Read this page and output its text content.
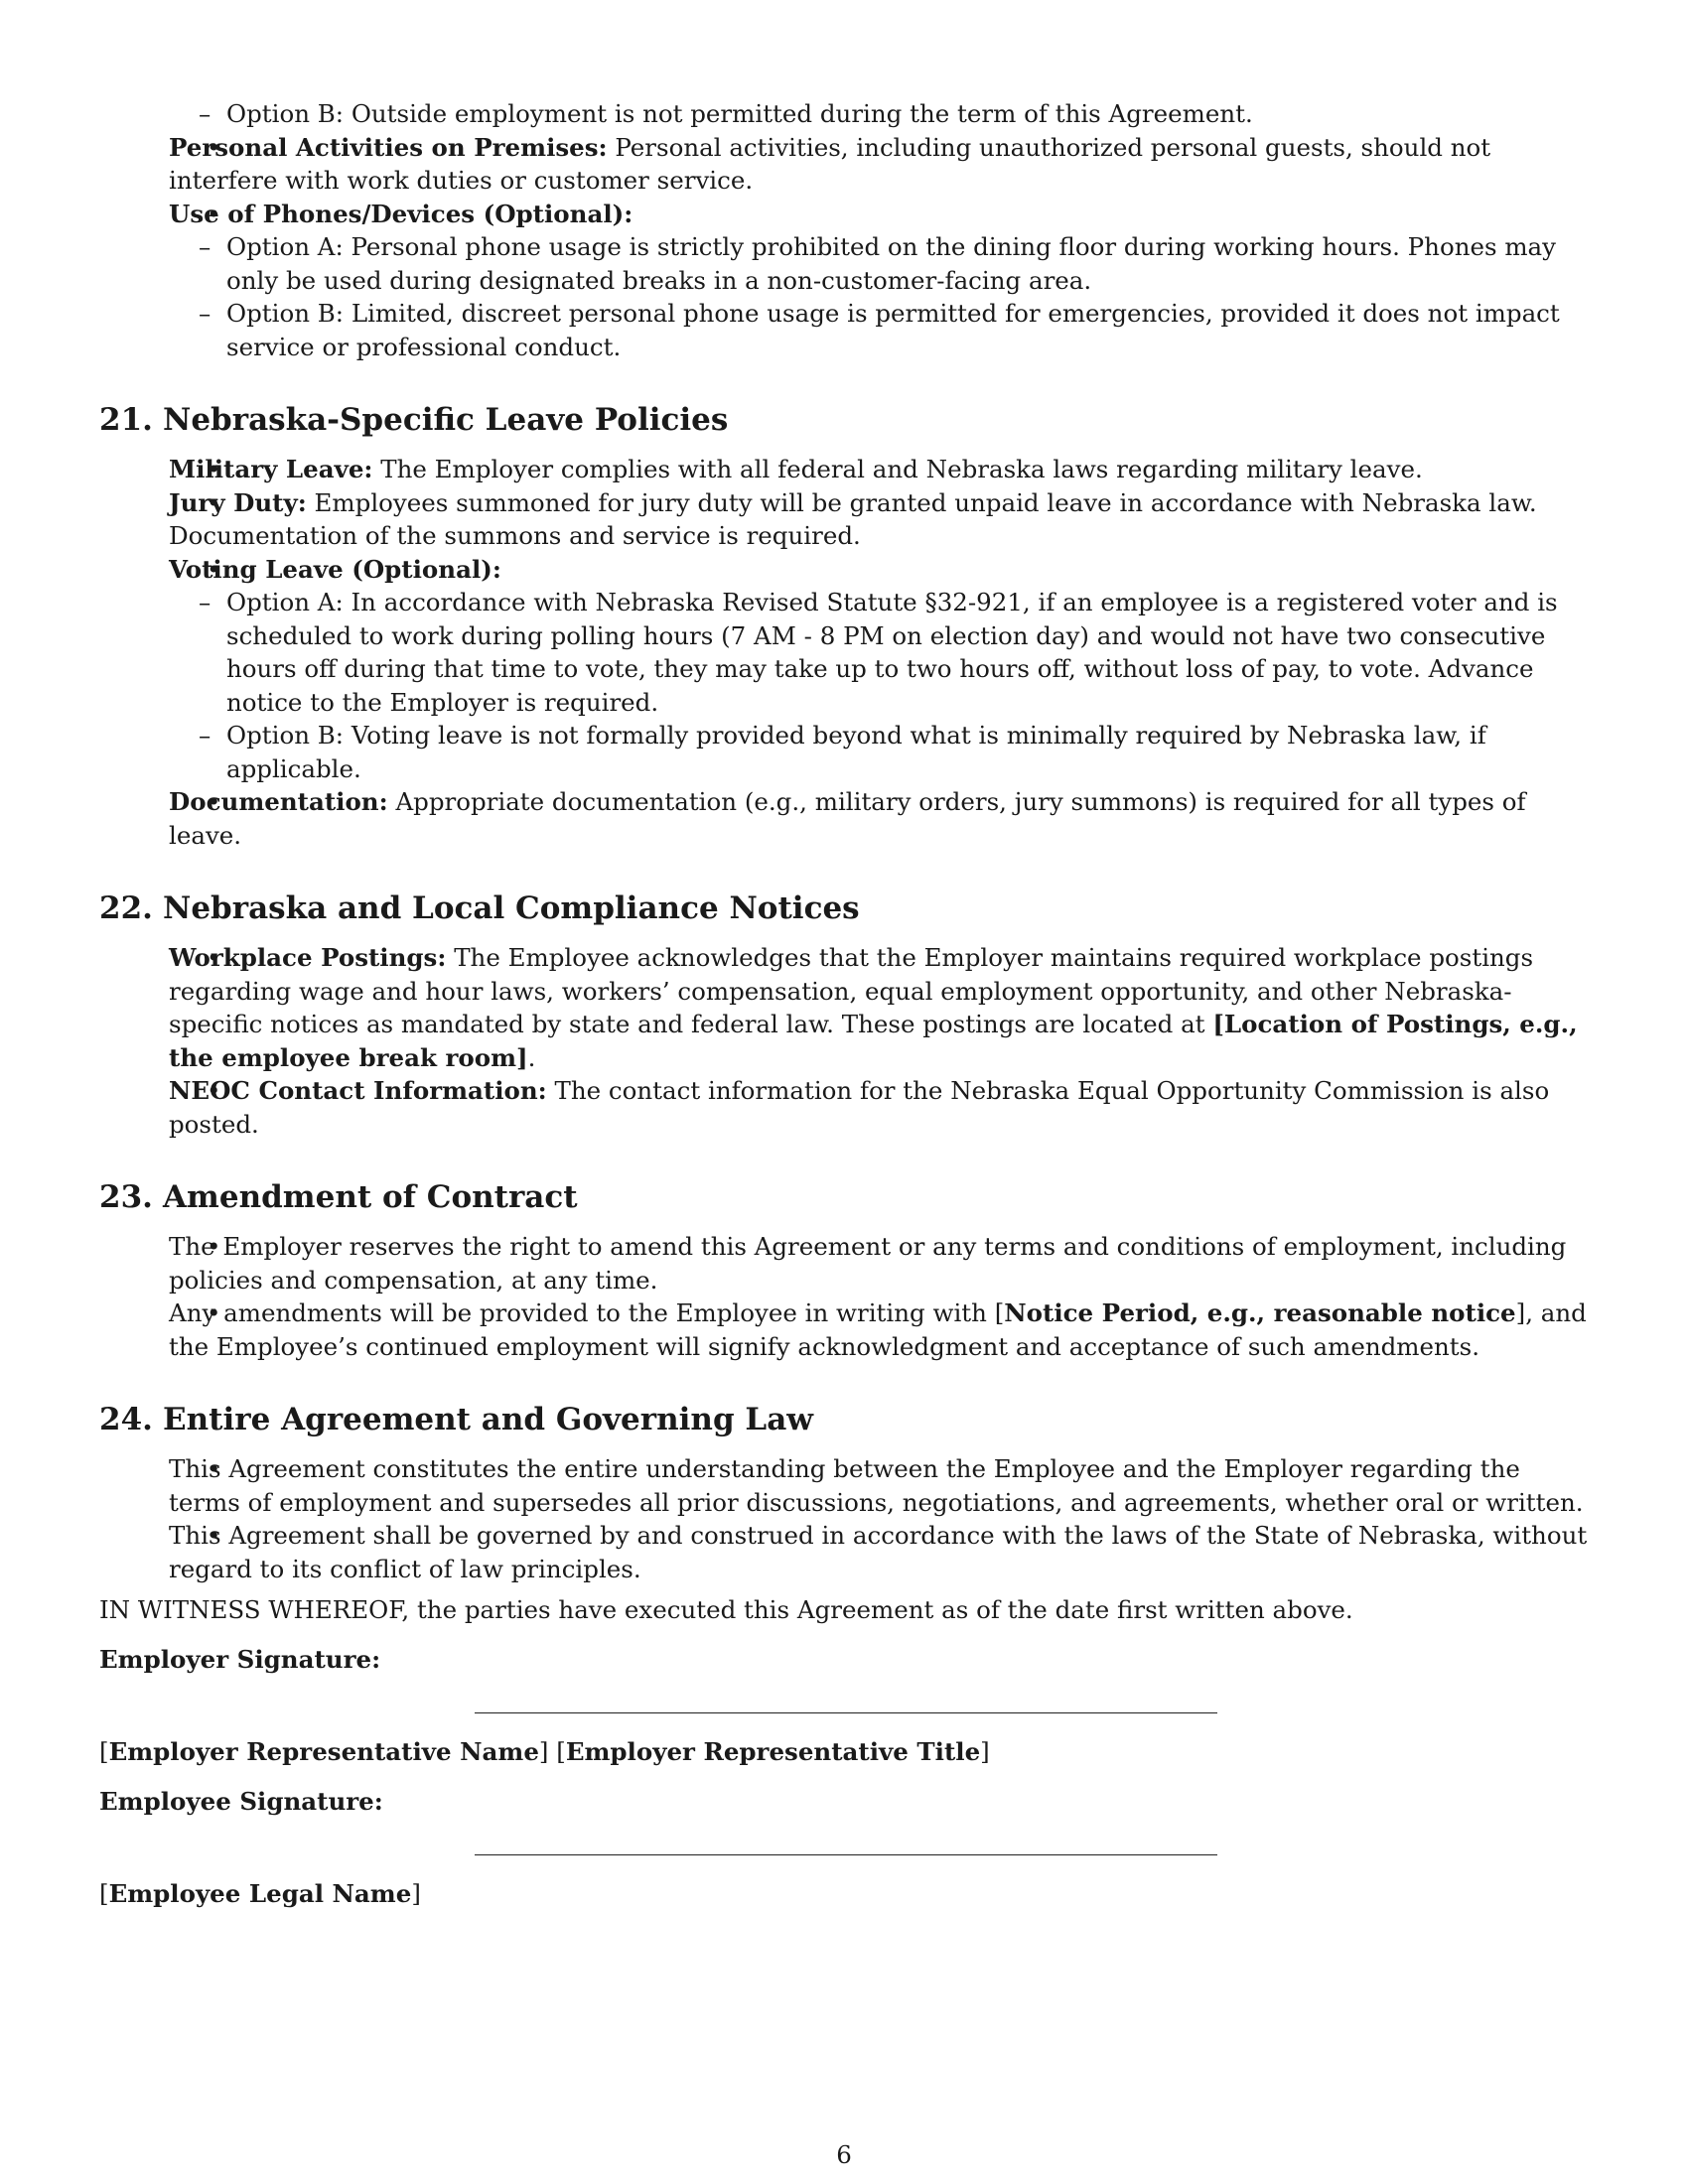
– Option B: Outside employment is not permitted during the term of this Agreement.
• Personal Activities on Premises: Personal activities, including unauthorized personal guests, should not interfere with work duties or customer service.
• Use of Phones/Devices (Optional):
– Option A: Personal phone usage is strictly prohibited on the dining floor during working hours. Phones may only be used during designated breaks in a non-customer-facing area.
– Option B: Limited, discreet personal phone usage is permitted for emergencies, provided it does not impact service or professional conduct.
21. Nebraska-Specific Leave Policies
• Military Leave: The Employer complies with all federal and Nebraska laws regarding military leave.
• Jury Duty: Employees summoned for jury duty will be granted unpaid leave in accordance with Nebraska law. Documentation of the summons and service is required.
• Voting Leave (Optional):
– Option A: In accordance with Nebraska Revised Statute §32-921, if an employee is a registered voter and is scheduled to work during polling hours (7 AM - 8 PM on election day) and would not have two consecutive hours off during that time to vote, they may take up to two hours off, without loss of pay, to vote. Advance notice to the Employer is required.
– Option B: Voting leave is not formally provided beyond what is minimally required by Nebraska law, if applicable.
• Documentation: Appropriate documentation (e.g., military orders, jury summons) is required for all types of leave.
22. Nebraska and Local Compliance Notices
• Workplace Postings: The Employee acknowledges that the Employer maintains required workplace postings regarding wage and hour laws, workers’ compensation, equal employment opportunity, and other Nebraska-specific notices as mandated by state and federal law. These postings are located at [Location of Postings, e.g., the employee break room].
• NEOC Contact Information: The contact information for the Nebraska Equal Opportunity Commission is also posted.
23. Amendment of Contract
• The Employer reserves the right to amend this Agreement or any terms and conditions of employment, including policies and compensation, at any time.
• Any amendments will be provided to the Employee in writing with [Notice Period, e.g., reasonable notice], and the Employee’s continued employment will signify acknowledgment and acceptance of such amendments.
24. Entire Agreement and Governing Law
• This Agreement constitutes the entire understanding between the Employee and the Employer regarding the terms of employment and supersedes all prior discussions, negotiations, and agreements, whether oral or written.
• This Agreement shall be governed by and construed in accordance with the laws of the State of Nebraska, without regard to its conflict of law principles.

IN WITNESS WHEREOF, the parties have executed this Agreement as of the date first written above.

Employer Signature:

[Employer Representative Name] [Employer Representative Title]

Employee Signature:

[Employee Legal Name]

6
